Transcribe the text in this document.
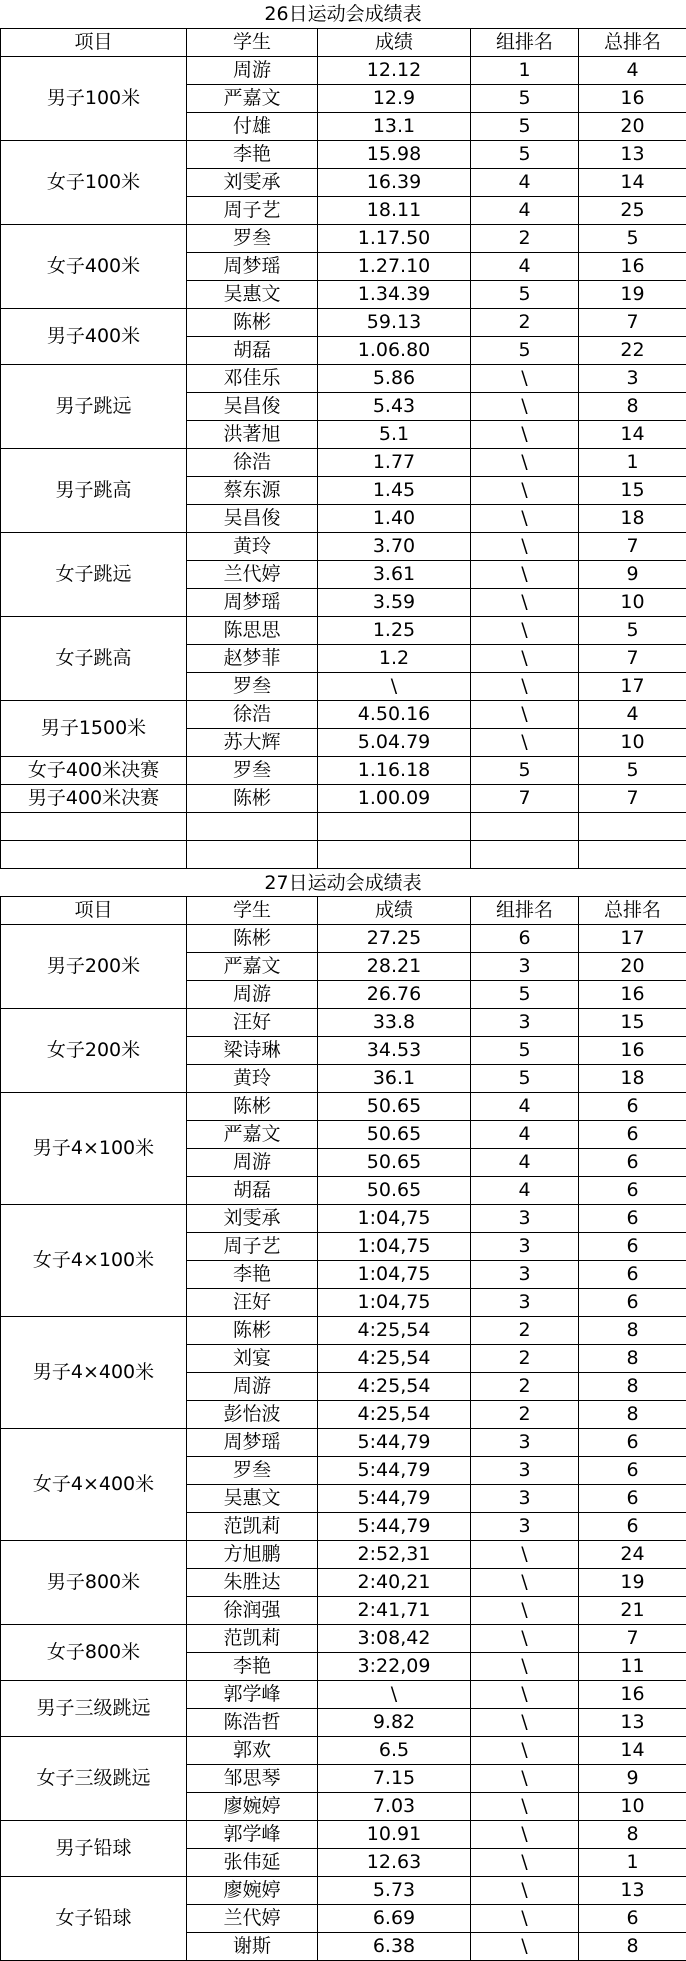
26日运动会成绩表
项目	学生	成绩	组排名	总排名
男子100米	周游	12.12	1	4
	严嘉文	12.9	5	16
	付雄	13.1	5	20
女子100米	李艳	15.98	5	13
	刘雯承	16.39	4	14
	周子艺	18.11	4	25
女子400米	罗叁	1.17.50	2	5
	周梦瑶	1.27.10	4	16
	吴惠文	1.34.39	5	19
男子400米	陈彬	59.13	2	7
	胡磊	1.06.80	5	22
男子跳远	邓佳乐	5.86	\	3
	吴昌俊	5.43	\	8
	洪著旭	5.1	\	14
男子跳高	徐浩	1.77	\	1
	蔡东源	1.45	\	15
	吴昌俊	1.40	\	18
女子跳远	黄玲	3.70	\	7
	兰代婷	3.61	\	9
	周梦瑶	3.59	\	10
女子跳高	陈思思	1.25	\	5
	赵梦菲	1.2	\	7
	罗叁	\	\	17
男子1500米	徐浩	4.50.16	\	4
	苏大辉	5.04.79	\	10
女子400米决赛	罗叁	1.16.18	5	5
男子400米决赛	陈彬	1.00.09	7	7

27日运动会成绩表
项目	学生	成绩	组排名	总排名
男子200米	陈彬	27.25	6	17
	严嘉文	28.21	3	20
	周游	26.76	5	16
女子200米	汪好	33.8	3	15
	梁诗琳	34.53	5	16
	黄玲	36.1	5	18
男子4×100米	陈彬	50.65	4	6
	严嘉文	50.65	4	6
	周游	50.65	4	6
	胡磊	50.65	4	6
女子4×100米	刘雯承	1:04,75	3	6
	周子艺	1:04,75	3	6
	李艳	1:04,75	3	6
	汪好	1:04,75	3	6
男子4×400米	陈彬	4:25,54	2	8
	刘宴	4:25,54	2	8
	周游	4:25,54	2	8
	彭怡波	4:25,54	2	8
女子4×400米	周梦瑶	5:44,79	3	6
	罗叁	5:44,79	3	6
	吴惠文	5:44,79	3	6
	范凯莉	5:44,79	3	6
男子800米	方旭鹏	2:52,31	\	24
	朱胜达	2:40,21	\	19
	徐润强	2:41,71	\	21
女子800米	范凯莉	3:08,42	\	7
	李艳	3:22,09	\	11
男子三级跳远	郭学峰	\	\	16
	陈浩哲	9.82	\	13
女子三级跳远	郭欢	6.5	\	14
	邹思琴	7.15	\	9
	廖婉婷	7.03	\	10
男子铅球	郭学峰	10.91	\	8
	张伟延	12.63	\	1
女子铅球	廖婉婷	5.73	\	13
	兰代婷	6.69	\	6
	谢斯	6.38	\	8
